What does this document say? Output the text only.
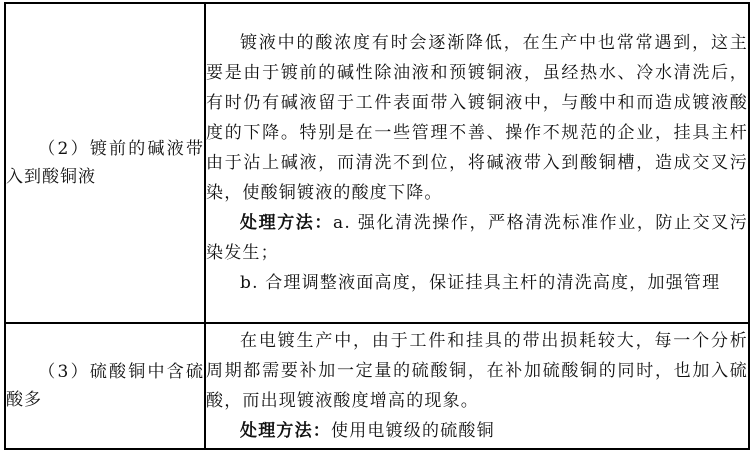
（2）镀前的碱液带入到酸铜液	镀液中的酸浓度有时会逐渐降低，在生产中也常常遇到，这主要是由于镀前的碱性除油液和预镀铜液，虽经热水、冷水清洗后，有时仍有碱液留于工件表面带入镀铜液中，与酸中和而造成镀液酸度的下降。特别是在一些管理不善、操作不规范的企业，挂具主杆由于沾上碱液，而清洗不到位，将碱液带入到酸铜槽，造成交叉污染，使酸铜镀液的酸度下降。

处理方法：a. 强化清洗操作，严格清洗标准作业，防止交叉污染发生；

b. 合理调整液面高度，保证挂具主杆的清洗高度，加强管理

（3）硫酸铜中含硫酸多	在电镀生产中，由于工件和挂具的带出损耗较大，每一个分析周期都需要补加一定量的硫酸铜，在补加硫酸铜的同时，也加入硫酸，而出现镀液酸度增高的现象。

处理方法：使用电镀级的硫酸铜
